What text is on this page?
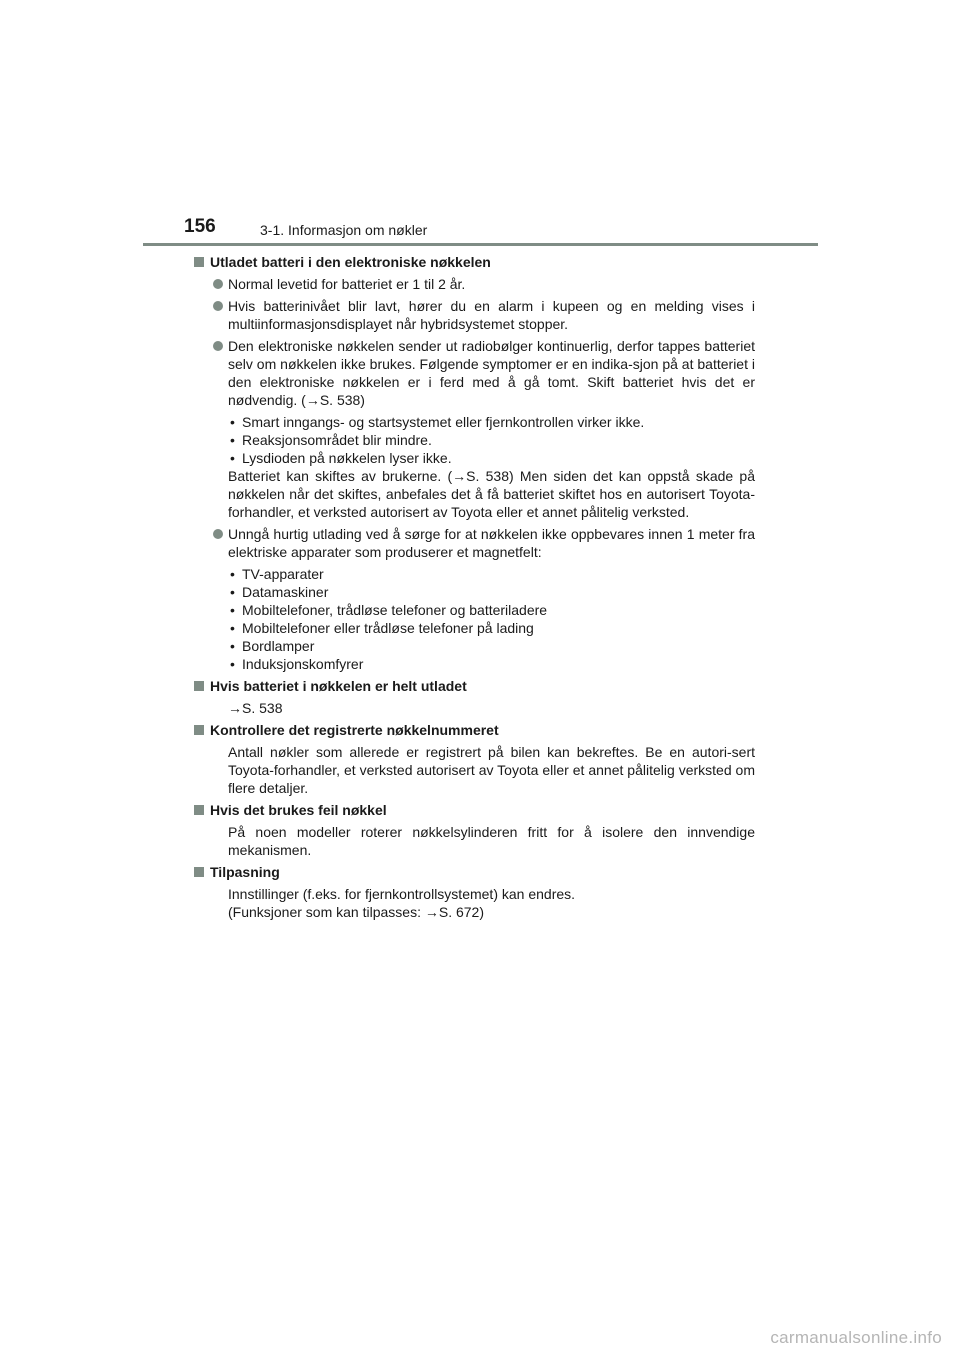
156	3-1. Informasjon om nøkler
Utladet batteri i den elektroniske nøkkelen
Normal levetid for batteriet er 1 til 2 år.
Hvis batterinivået blir lavt, hører du en alarm i kupeen og en melding vises i multiinformasjonsdisplayet når hybridsystemet stopper.
Den elektroniske nøkkelen sender ut radiobølger kontinuerlig, derfor tappes batteriet selv om nøkkelen ikke brukes. Følgende symptomer er en indika-sjon på at batteriet i den elektroniske nøkkelen er i ferd med å gå tomt. Skift batteriet hvis det er nødvendig. (→S. 538)
• Smart inngangs- og startsystemet eller fjernkontrollen virker ikke.
• Reaksjonsområdet blir mindre.
• Lysdioden på nøkkelen lyser ikke.
Batteriet kan skiftes av brukerne. (→S. 538) Men siden det kan oppstå skade på nøkkelen når det skiftes, anbefales det å få batteriet skiftet hos en autorisert Toyota-forhandler, et verksted autorisert av Toyota eller et annet pålitelig verksted.
Unngå hurtig utlading ved å sørge for at nøkkelen ikke oppbevares innen 1 meter fra elektriske apparater som produserer et magnetfelt:
• TV-apparater
• Datamaskiner
• Mobiltelefoner, trådløse telefoner og batteriladere
• Mobiltelefoner eller trådløse telefoner på lading
• Bordlamper
• Induksjonskomfyrer
Hvis batteriet i nøkkelen er helt utladet
→S. 538
Kontrollere det registrerte nøkkelnummeret
Antall nøkler som allerede er registrert på bilen kan bekreftes. Be en autori-sert Toyota-forhandler, et verksted autorisert av Toyota eller et annet pålitelig verksted om flere detaljer.
Hvis det brukes feil nøkkel
På noen modeller roterer nøkkelsylinderen fritt for å isolere den innvendige mekanismen.
Tilpasning
Innstillinger (f.eks. for fjernkontrollsystemet) kan endres.
(Funksjoner som kan tilpasses: →S. 672)
carmanualsonline.info
